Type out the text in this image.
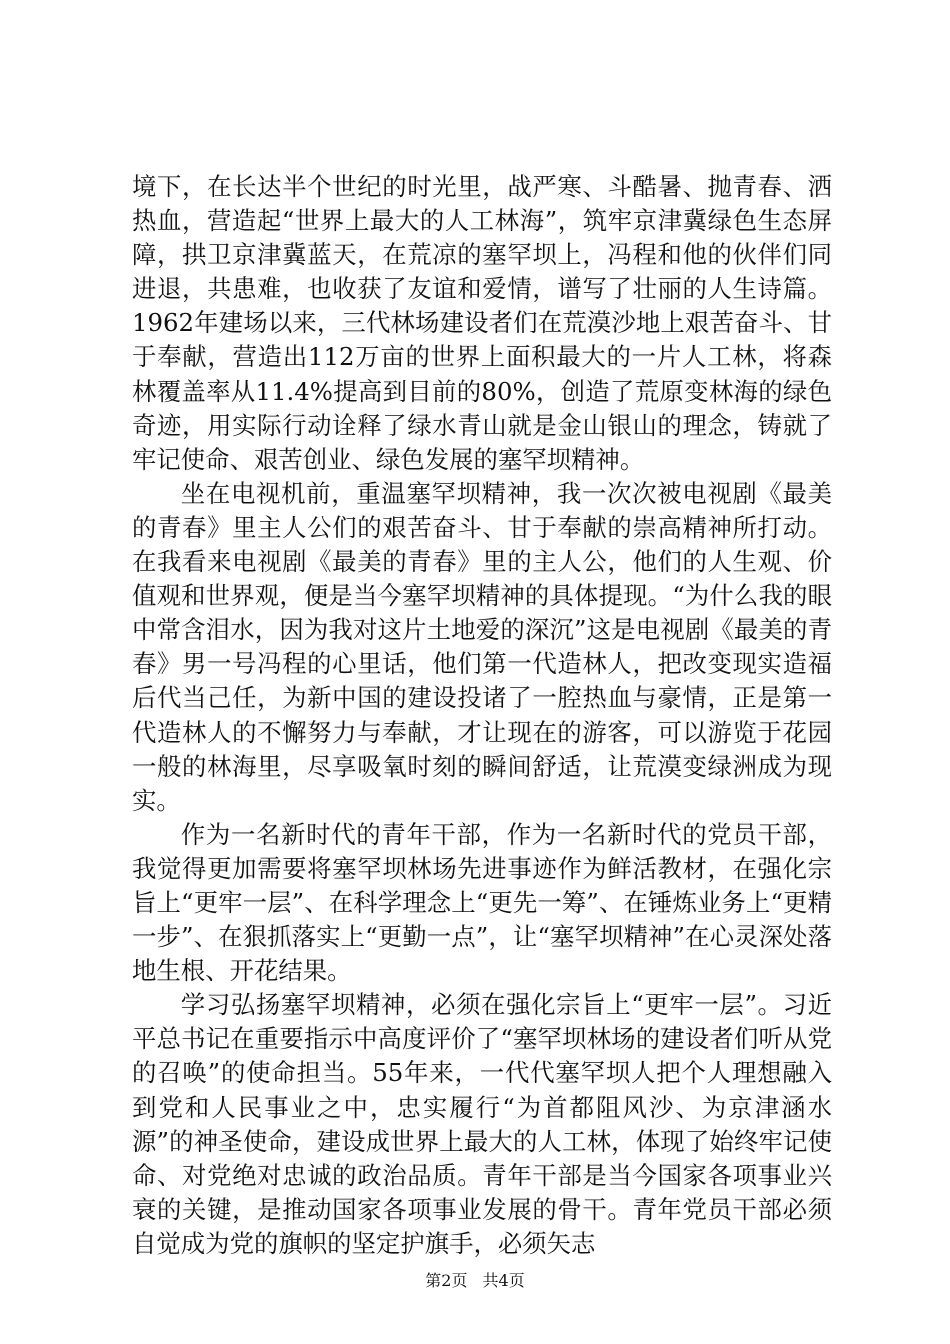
境下，在长达半个世纪的时光里，战严寒、斗酷暑、抛青春、洒热血，营造起“世界上最大的人工林海”，筑牢京津冀绿色生态屏障，拱卫京津冀蓝天，在荒凉的塞罕坝上，冯程和他的伙伴们同进退，共患难，也收获了友谊和爱情，谱写了壮丽的人生诗篇。1962年建场以来，三代林场建设者们在荒漠沙地上艰苦奋斗、甘于奉献，营造出112万亩的世界上面积最大的一片人工林，将森林覆盖率从11.4%提高到目前的80%，创造了荒原变林海的绿色奇迹，用实际行动诠释了绿水青山就是金山银山的理念，铸就了牢记使命、艰苦创业、绿色发展的塞罕坝精神。

坐在电视机前，重温塞罕坝精神，我一次次被电视剧《最美的青春》里主人公们的艰苦奋斗、甘于奉献的崇高精神所打动。在我看来电视剧《最美的青春》里的主人公，他们的人生观、价值观和世界观，便是当今塞罕坝精神的具体提现。“为什么我的眼中常含泪水，因为我对这片土地爱的深沉”这是电视剧《最美的青春》男一号冯程的心里话，他们第一代造林人，把改变现实造福后代当己任，为新中国的建设投诸了一腔热血与豪情，正是第一代造林人的不懈努力与奉献，才让现在的游客，可以游览于花园一般的林海里，尽享吸氧时刻的瞬间舒适，让荒漠变绿洲成为现实。

作为一名新时代的青年干部，作为一名新时代的党员干部，我觉得更加需要将塞罕坝林场先进事迹作为鲜活教材，在强化宗旨上“更牢一层”、在科学理念上“更先一筹”、在锤炼业务上“更精一步”、在狠抓落实上“更勤一点”，让“塞罕坝精神”在心灵深处落地生根、开花结果。

学习弘扬塞罕坝精神，必须在强化宗旨上“更牢一层”。习近平总书记在重要指示中高度评价了“塞罕坝林场的建设者们听从党的召唤”的使命担当。55年来，一代代塞罕坝人把个人理想融入到党和人民事业之中，忠实履行“为首都阻风沙、为京津涵水源”的神圣使命，建设成世界上最大的人工林，体现了始终牢记使命、对党绝对忠诚的政治品质。青年干部是当今国家各项事业兴衰的关键，是推动国家各项事业发展的骨干。青年党员干部必须自觉成为党的旗帜的坚定护旗手，必须矢志

第2页 共4页
